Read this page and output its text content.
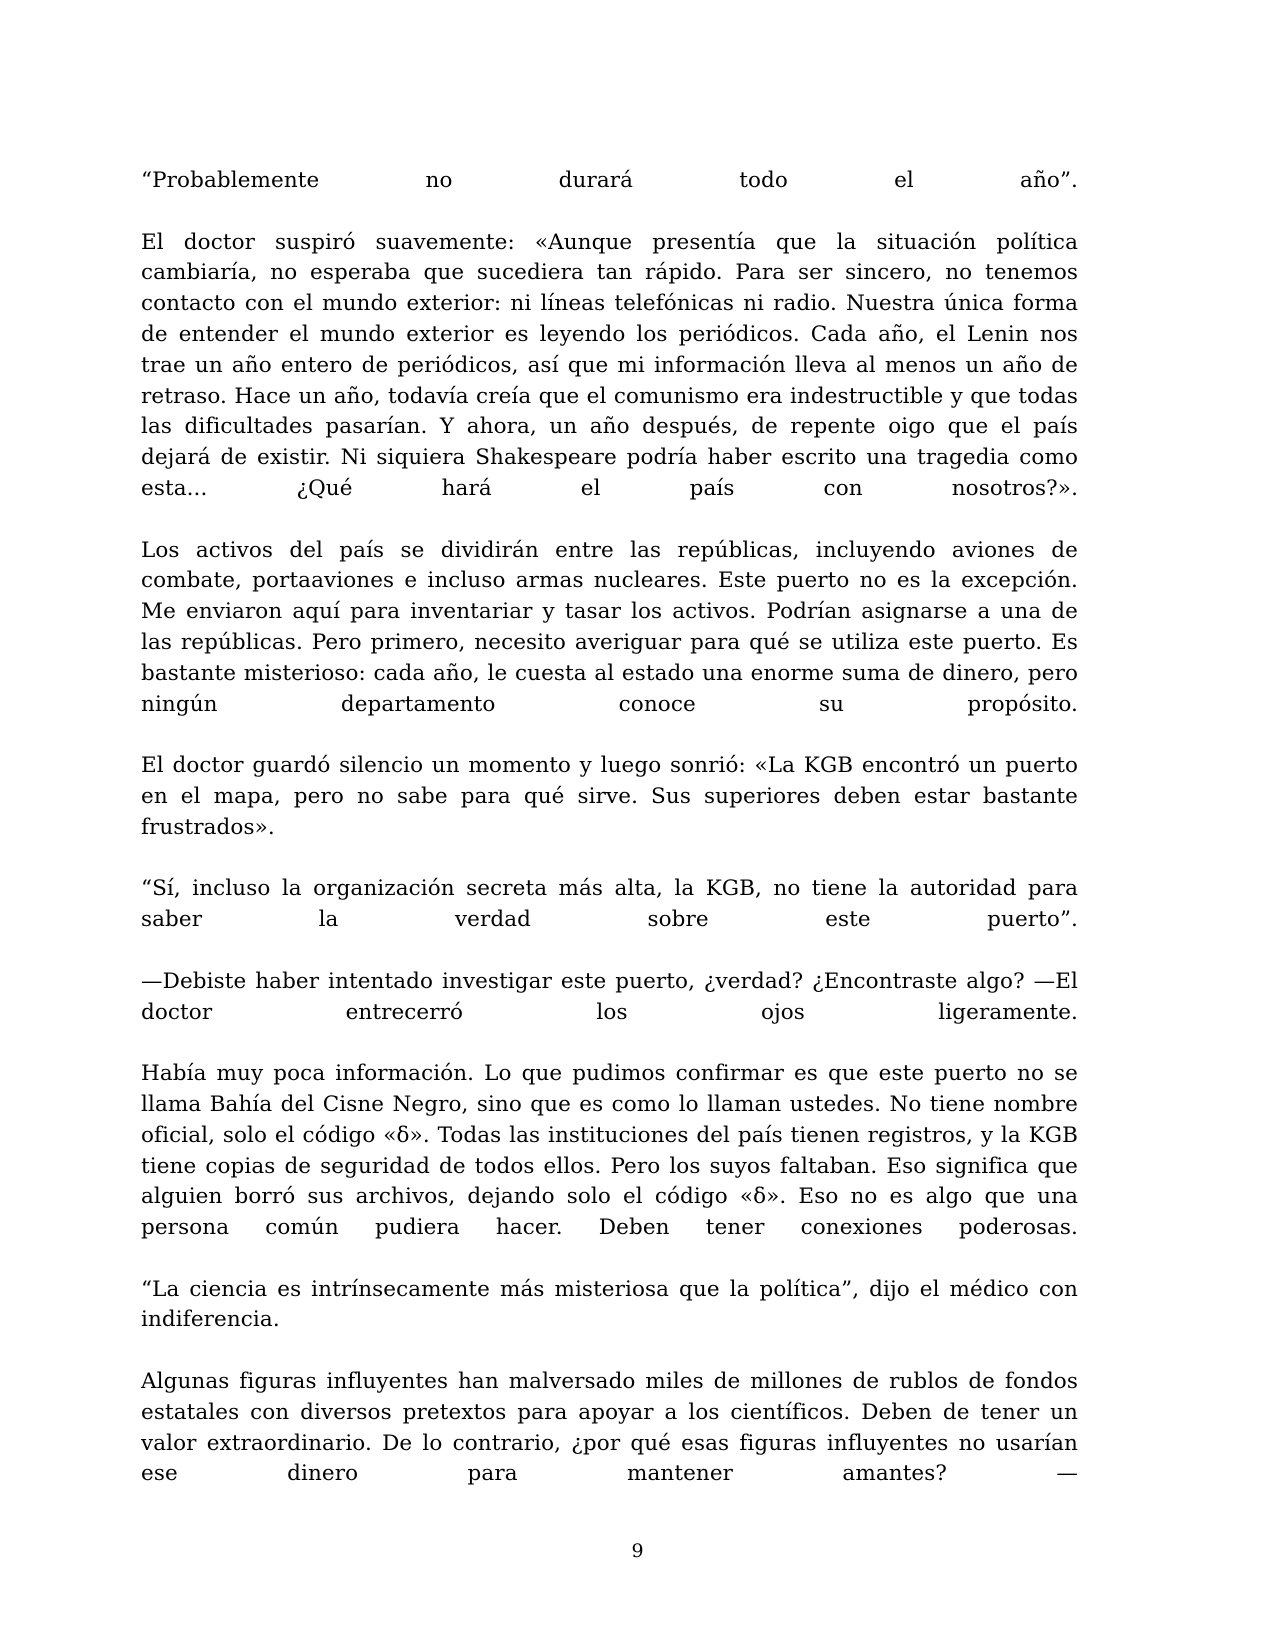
“Probablemente no durará todo el año”.

El doctor suspiró suavemente: «Aunque presentía que la situación política cambiaría, no esperaba que sucediera tan rápido. Para ser sincero, no tenemos contacto con el mundo exterior: ni líneas telefónicas ni radio. Nuestra única forma de entender el mundo exterior es leyendo los periódicos. Cada año, el Lenin nos trae un año entero de periódicos, así que mi información lleva al menos un año de retraso. Hace un año, todavía creía que el comunismo era indestructible y que todas las dificultades pasarían. Y ahora, un año después, de repente oigo que el país dejará de existir. Ni siquiera Shakespeare podría haber escrito una tragedia como esta... ¿Qué hará el país con nosotros?».

Los activos del país se dividirán entre las repúblicas, incluyendo aviones de combate, portaaviones e incluso armas nucleares. Este puerto no es la excepción. Me enviaron aquí para inventariar y tasar los activos. Podrían asignarse a una de las repúblicas. Pero primero, necesito averiguar para qué se utiliza este puerto. Es bastante misterioso: cada año, le cuesta al estado una enorme suma de dinero, pero ningún departamento conoce su propósito.

El doctor guardó silencio un momento y luego sonrió: «La KGB encontró un puerto en el mapa, pero no sabe para qué sirve. Sus superiores deben estar bastante frustrados».

“Sí, incluso la organización secreta más alta, la KGB, no tiene la autoridad para saber la verdad sobre este puerto”.

—Debiste haber intentado investigar este puerto, ¿verdad? ¿Encontraste algo? —El doctor entrecerró los ojos ligeramente.

Había muy poca información. Lo que pudimos confirmar es que este puerto no se llama Bahía del Cisne Negro, sino que es como lo llaman ustedes. No tiene nombre oficial, solo el código «δ». Todas las instituciones del país tienen registros, y la KGB tiene copias de seguridad de todos ellos. Pero los suyos faltaban. Eso significa que alguien borró sus archivos, dejando solo el código «δ». Eso no es algo que una persona común pudiera hacer. Deben tener conexiones poderosas.

“La ciencia es intrínsecamente más misteriosa que la política”, dijo el médico con indiferencia.

Algunas figuras influyentes han malversado miles de millones de rublos de fondos estatales con diversos pretextos para apoyar a los científicos. Deben de tener un valor extraordinario. De lo contrario, ¿por qué esas figuras influyentes no usarían ese dinero para mantener amantes? —

9
